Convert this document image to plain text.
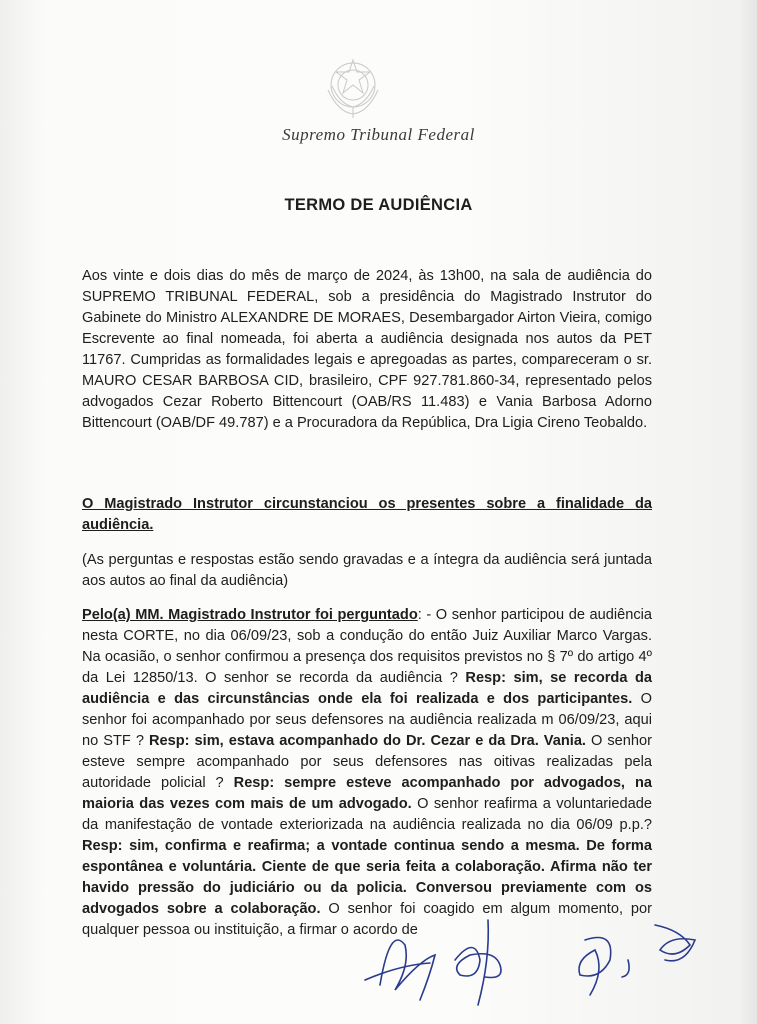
Supremo Tribunal Federal
TERMO DE AUDIÊNCIA
Aos vinte e dois dias do mês de março de 2024, às 13h00, na sala de audiência do SUPREMO TRIBUNAL FEDERAL, sob a presidência do Magistrado Instrutor do Gabinete do Ministro ALEXANDRE DE MORAES, Desembargador Airton Vieira, comigo Escrevente ao final nomeada, foi aberta a audiência designada nos autos da PET 11767. Cumpridas as formalidades legais e apregoadas as partes, compareceram o sr. MAURO CESAR BARBOSA CID, brasileiro, CPF 927.781.860-34, representado pelos advogados Cezar Roberto Bittencourt (OAB/RS 11.483) e Vania Barbosa Adorno Bittencourt (OAB/DF 49.787) e a Procuradora da República, Dra Ligia Cireno Teobaldo.
O Magistrado Instrutor circunstanciou os presentes sobre a finalidade da audiência.
(As perguntas e respostas estão sendo gravadas e a íntegra da audiência será juntada aos autos ao final da audiência)
Pelo(a) MM. Magistrado Instrutor foi perguntado: - O senhor participou de audiência nesta CORTE, no dia 06/09/23, sob a condução do então Juiz Auxiliar Marco Vargas. Na ocasião, o senhor confirmou a presença dos requisitos previstos no § 7º do artigo 4º da Lei 12850/13. O senhor se recorda da audiência ? Resp: sim, se recorda da audiência e das circunstâncias onde ela foi realizada e dos participantes. O senhor foi acompanhado por seus defensores na audiência realizada m 06/09/23, aqui no STF ? Resp: sim, estava acompanhado do Dr. Cezar e da Dra. Vania. O senhor esteve sempre acompanhado por seus defensores nas oitivas realizadas pela autoridade policial ? Resp: sempre esteve acompanhado por advogados, na maioria das vezes com mais de um advogado. O senhor reafirma a voluntariedade da manifestação de vontade exteriorizada na audiência realizada no dia 06/09 p.p.? Resp: sim, confirma e reafirma; a vontade continua sendo a mesma. De forma espontânea e voluntária. Ciente de que seria feita a colaboração. Afirma não ter havido pressão do judiciário ou da policia. Conversou previamente com os advogados sobre a colaboração. O senhor foi coagido em algum momento, por qualquer pessoa ou instituição, a firmar o acordo de
